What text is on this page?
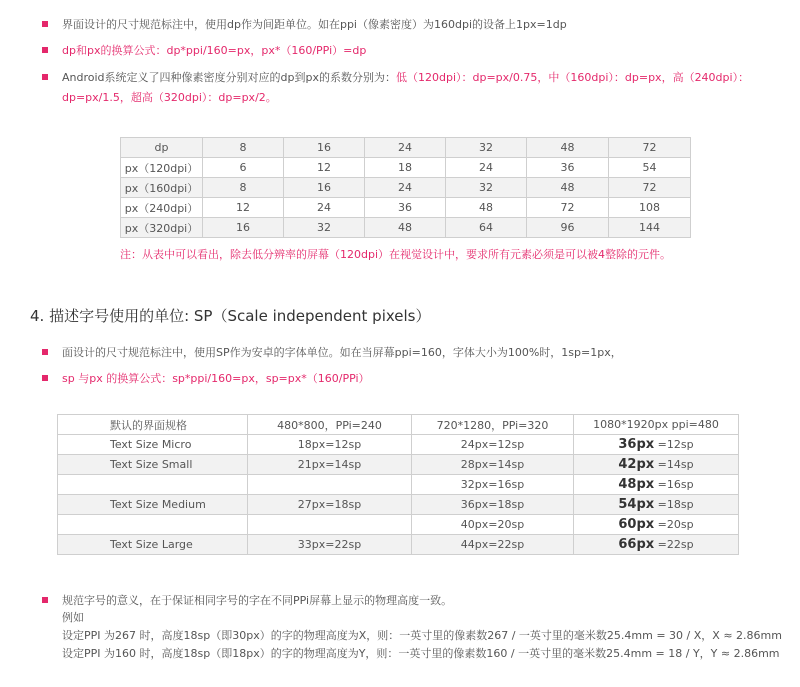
界面设计的尺寸规范标注中，使用dp作为间距单位。如在ppi（像素密度）为160dpi的设备上1px=1dp
dp和px的换算公式：dp*ppi/160=px，px*（160/PPi）=dp
Android系统定义了四种像素密度分别对应的dp到px的系数分别为：低（120dpi）：dp=px/0.75，中（160dpi）：dp=px，高（240dpi）：
dp=px/1.5，超高（320dpi）：dp=px/2。
dp	8	16	24	32	48	72
px（120dpi）	6	12	18	24	36	54
px（160dpi）	8	16	24	32	48	72
px（240dpi）	12	24	36	48	72	108
px（320dpi）	16	32	48	64	96	144
注：从表中可以看出，除去低分辨率的屏幕（120dpi）在视觉设计中，要求所有元素必须是可以被4整除的元件。
4. 描述字号使用的单位: SP（Scale independent pixels）
面设计的尺寸规范标注中，使用SP作为安卓的字体单位。如在当屏幕ppi=160，字体大小为100%时，1sp=1px，
sp 与px 的换算公式：sp*ppi/160=px，sp=px*（160/PPi）
默认的界面规格	480*800，PPi=240	720*1280，PPi=320	1080*1920px ppi=480
Text Size Micro	18px=12sp	24px=12sp	36px =12sp
Text Size Small	21px=14sp	28px=14sp	42px =14sp
		32px=16sp	48px =16sp
Text Size Medium	27px=18sp	36px=18sp	54px =18sp
		40px=20sp	60px =20sp
Text Size Large	33px=22sp	44px=22sp	66px =22sp
规范字号的意义，在于保证相同字号的字在不同PPi屏幕上显示的物理高度一致。
例如
设定PPI 为267 时，高度18sp（即30px）的字的物理高度为X，则：一英寸里的像素数267 / 一英寸里的毫米数25.4mm = 30 / X，X ≈ 2.86mm
设定PPI 为160 时，高度18sp（即18px）的字的物理高度为Y，则：一英寸里的像素数160 / 一英寸里的毫米数25.4mm = 18 / Y，Y ≈ 2.86mm
